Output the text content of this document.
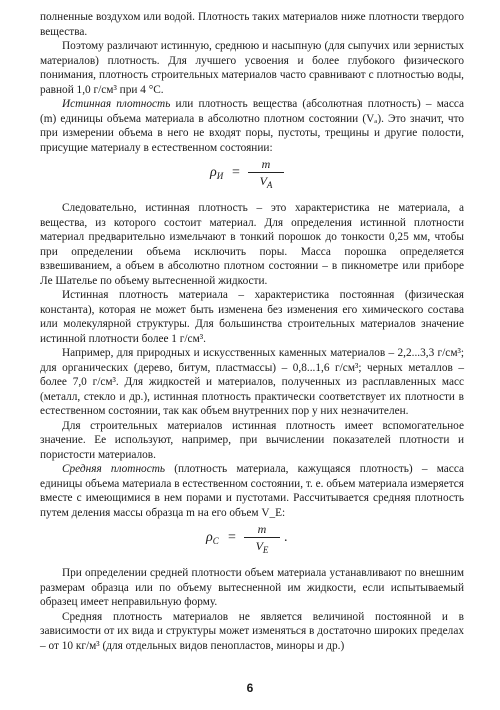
полненные воздухом или водой. Плотность таких материалов ниже плотности твердого вещества.

Поэтому различают истинную, среднюю и насыпную (для сыпучих или зернистых материалов) плотность. Для лучшего усвоения и более глубокого физического понимания, плотность строительных материалов часто сравнивают с плотностью воды, равной 1,0 г/см³ при 4 °С.

Истинная плотность или плотность вещества (абсолютная плотность) – масса (m) единицы объема материала в абсолютно плотном состоянии (Vₐ). Это значит, что при измерении объема в него не входят поры, пустоты, трещины и другие полости, присущие материалу в естественном состоянии:

$\rho_И$ =
m
$V_A$

Следовательно, истинная плотность – это характеристика не материала, а вещества, из которого состоит материал. Для определения истинной плотности материал предварительно измельчают в тонкий порошок до тонкости 0,25 мм, чтобы при определении объема исключить поры. Масса порошка определяется взвешиванием, а объем в абсолютно плотном состоянии – в пикнометре или приборе Ле Шателье по объему вытесненной жидкости.

Истинная плотность материала – характеристика постоянная (физическая константа), которая не может быть изменена без изменения его химического состава или молекулярной структуры. Для большинства строительных материалов значение истинной плотности более 1 г/см³.

Например, для природных и искусственных каменных материалов – 2,2...3,3 г/см³; для органических (дерево, битум, пластмассы) – 0,8...1,6 г/см³; черных металлов – более 7,0 г/см³. Для жидкостей и материалов, полученных из расплавленных масс (металл, стекло и др.), истинная плотность практически соответствует их плотности в естественном состоянии, так как объем внутренних пор у них незначителен.

Для строительных материалов истинная плотность имеет вспомогательное значение. Ее используют, например, при вычислении показателей плотности и пористости материалов.

Средняя плотность (плотность материала, кажущаяся плотность) – масса единицы объема материала в естественном состоянии, т. е. объем материала измеряется вместе с имеющимися в нем порами и пустотами. Рассчитывается средняя плотность путем деления массы образца m на его объем V_E:

$\rho_C$ =
m
$V_E$
.

При определении средней плотности объем материала устанавливают по внешним размерам образца или по объему вытесненной им жидкости, если испытываемый образец имеет неправильную форму.

Средняя плотность материалов не является величиной постоянной и в зависимости от их вида и структуры может изменяться в достаточно широких пределах – от 10 кг/м³ (для отдельных видов пенопластов, миноры и др.)

6
